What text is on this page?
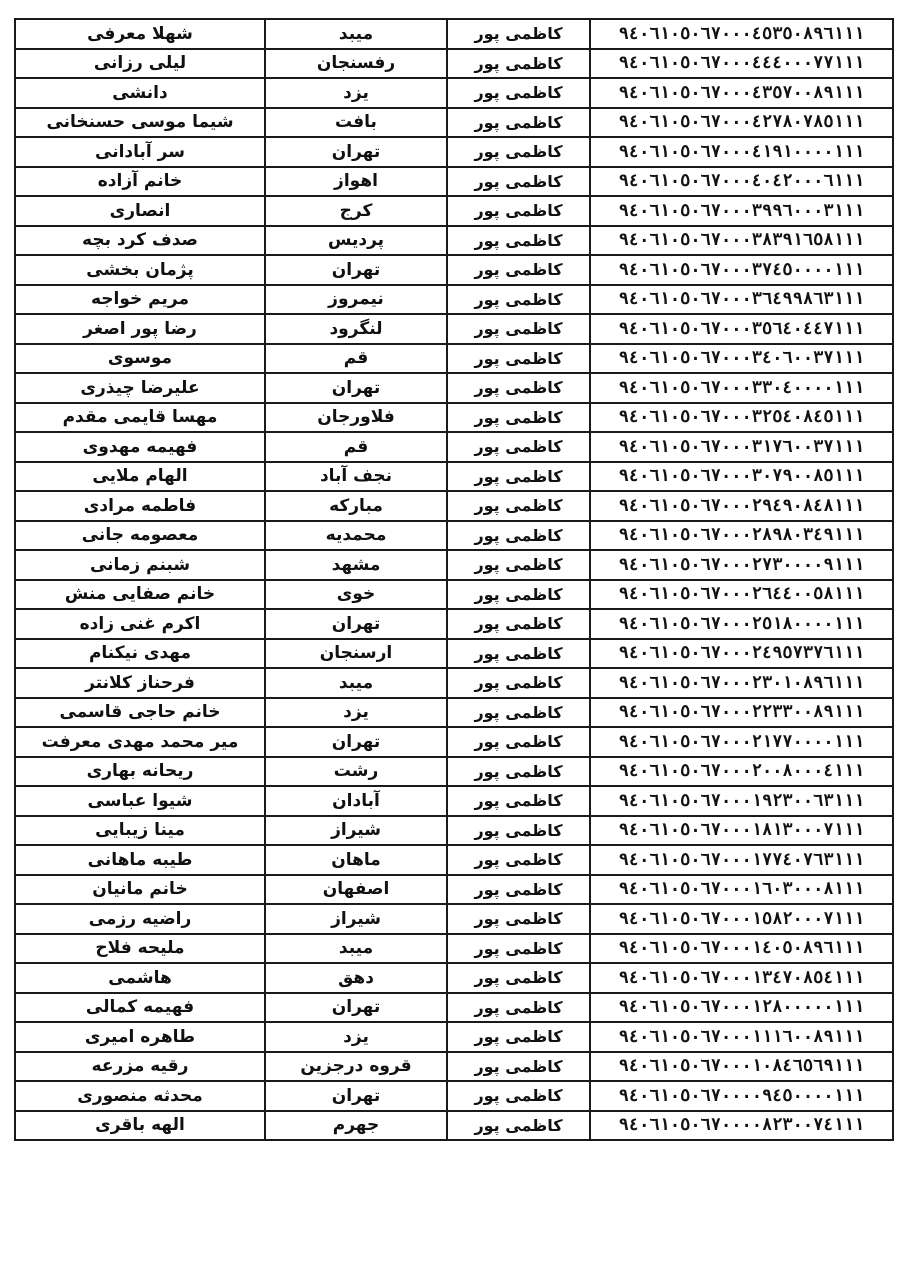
شهلا معرفی	میبد	کاظمی پور	۹٤۰٦۱۰٥۰٦۷۰۰۰٤٥۳٥۰۸۹٦۱۱۱
لیلی رزانی	رفسنجان	کاظمی پور	۹٤۰٦۱۰٥۰٦۷۰۰۰٤٤٤۰۰۰۷۷۱۱۱
دانشی	یزد	کاظمی پور	۹٤۰٦۱۰٥۰٦۷۰۰۰٤۳٥۷۰۰۸۹۱۱۱
شیما موسی حسنخانی	بافت	کاظمی پور	۹٤۰٦۱۰٥۰٦۷۰۰۰٤۲۷۸۰۷۸٥۱۱۱
سر آبادانی	تهران	کاظمی پور	۹٤۰٦۱۰٥۰٦۷۰۰۰٤۱۹۱۰۰۰۰۱۱۱
خانم آزاده	اهواز	کاظمی پور	۹٤۰٦۱۰٥۰٦۷۰۰۰٤۰٤۲۰۰۰٦۱۱۱
انصاری	کرج	کاظمی پور	۹٤۰٦۱۰٥۰٦۷۰۰۰۳۹۹٦۰۰۰۳۱۱۱
صدف کرد بچه	پردیس	کاظمی پور	۹٤۰٦۱۰٥۰٦۷۰۰۰۳۸۳۹۱٦٥۸۱۱۱
پژمان بخشی	تهران	کاظمی پور	۹٤۰٦۱۰٥۰٦۷۰۰۰۳۷٤٥۰۰۰۰۱۱۱
مریم خواجه	نیمروز	کاظمی پور	۹٤۰٦۱۰٥۰٦۷۰۰۰۳٦٤۹۹۸٦۳۱۱۱
رضا پور اصغر	لنگرود	کاظمی پور	۹٤۰٦۱۰٥۰٦۷۰۰۰۳٥٦٤۰٤٤۷۱۱۱
موسوی	قم	کاظمی پور	۹٤۰٦۱۰٥۰٦۷۰۰۰۳٤۰٦۰۰۳۷۱۱۱
علیرضا چیذری	تهران	کاظمی پور	۹٤۰٦۱۰٥۰٦۷۰۰۰۳۳۰٤۰۰۰۰۱۱۱
مهسا قایمی مقدم	فلاورجان	کاظمی پور	۹٤۰٦۱۰٥۰٦۷۰۰۰۳۲٥٤۰۸٤٥۱۱۱
فهیمه مهدوی	قم	کاظمی پور	۹٤۰٦۱۰٥۰٦۷۰۰۰۳۱۷٦۰۰۳۷۱۱۱
الهام ملایی	نجف آباد	کاظمی پور	۹٤۰٦۱۰٥۰٦۷۰۰۰۳۰۷۹۰۰۸٥۱۱۱
فاطمه مرادی	مبارکه	کاظمی پور	۹٤۰٦۱۰٥۰٦۷۰۰۰۲۹٤۹۰۸٤۸۱۱۱
معصومه جانی	محمدیه	کاظمی پور	۹٤۰٦۱۰٥۰٦۷۰۰۰۲۸۹۸۰۳٤۹۱۱۱
شبنم زمانی	مشهد	کاظمی پور	۹٤۰٦۱۰٥۰٦۷۰۰۰۲۷۳۰۰۰۰۹۱۱۱
خانم صفایی منش	خوی	کاظمی پور	۹٤۰٦۱۰٥۰٦۷۰۰۰۲٦٤٤۰۰٥۸۱۱۱
اکرم غنی زاده	تهران	کاظمی پور	۹٤۰٦۱۰٥۰٦۷۰۰۰۲٥۱۸۰۰۰۰۱۱۱
مهدی نیکنام	ارسنجان	کاظمی پور	۹٤۰٦۱۰٥۰٦۷۰۰۰۲٤۹٥۷۳۷٦۱۱۱
فرحناز کلانتر	میبد	کاظمی پور	۹٤۰٦۱۰٥۰٦۷۰۰۰۲۳۰۱۰۸۹٦۱۱۱
خانم حاجی قاسمی	یزد	کاظمی پور	۹٤۰٦۱۰٥۰٦۷۰۰۰۲۲۳۳۰۰۸۹۱۱۱
میر محمد مهدی معرفت	تهران	کاظمی پور	۹٤۰٦۱۰٥۰٦۷۰۰۰۲۱۷۷۰۰۰۰۱۱۱
ریحانه بهاری	رشت	کاظمی پور	۹٤۰٦۱۰٥۰٦۷۰۰۰۲۰۰۸۰۰۰٤۱۱۱
شیوا عباسی	آبادان	کاظمی پور	۹٤۰٦۱۰٥۰٦۷۰۰۰۱۹۲۳۰۰٦۳۱۱۱
مینا زیبایی	شیراز	کاظمی پور	۹٤۰٦۱۰٥۰٦۷۰۰۰۱۸۱۳۰۰۰۷۱۱۱
طیبه ماهانی	ماهان	کاظمی پور	۹٤۰٦۱۰٥۰٦۷۰۰۰۱۷۷٤۰۷٦۳۱۱۱
خانم مانیان	اصفهان	کاظمی پور	۹٤۰٦۱۰٥۰٦۷۰۰۰۱٦۰۳۰۰۰۸۱۱۱
راضیه رزمی	شیراز	کاظمی پور	۹٤۰٦۱۰٥۰٦۷۰۰۰۱٥۸۲۰۰۰۷۱۱۱
ملیحه فلاح	میبد	کاظمی پور	۹٤۰٦۱۰٥۰٦۷۰۰۰۱٤۰٥۰۸۹٦۱۱۱
هاشمی	دهق	کاظمی پور	۹٤۰٦۱۰٥۰٦۷۰۰۰۱۳٤۷۰۸٥٤۱۱۱
فهیمه کمالی	تهران	کاظمی پور	۹٤۰٦۱۰٥۰٦۷۰۰۰۱۲۸۰۰۰۰۰۱۱۱
طاهره امیری	یزد	کاظمی پور	۹٤۰٦۱۰٥۰٦۷۰۰۰۱۱۱٦۰۰۸۹۱۱۱
رقیه مزرعه	قروه درجزین	کاظمی پور	۹٤۰٦۱۰٥۰٦۷۰۰۰۱۰۸٤٦٥٦۹۱۱۱
محدثه منصوری	تهران	کاظمی پور	۹٤۰٦۱۰٥۰٦۷۰۰۰۰۹٤٥۰۰۰۰۱۱۱
الهه باقری	جهرم	کاظمی پور	۹٤۰٦۱۰٥۰٦۷۰۰۰۰۸۲۳۰۰۷٤۱۱۱
